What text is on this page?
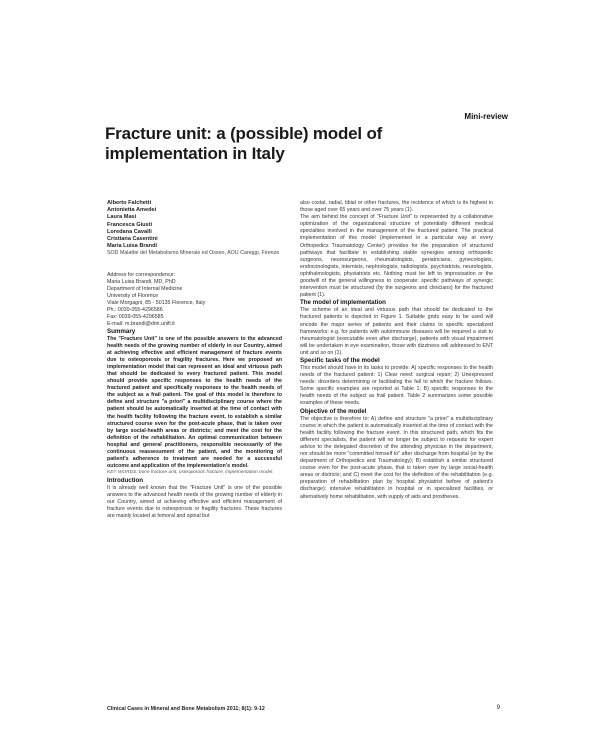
Mini-review
Fracture unit: a (possible) model of implementation in Italy
Alberto Falchetti
Antonietta Amedei
Laura Masi
Francesca Giusti
Loredana Cavalli
Cristiana Casentini
Maria Luisa Brandi

SOD Malattie del Metabolismo Minerale ed Osseo, AOU Careggi, Firenze

Address for correspondence:
Maria Luisa Brandi, MD, PhD
Department of Internal Medicine
University of Florence
Viale Morgagni, 85 - 50135 Florence, Italy
Ph.: 0039-055-4296586
Fax: 0039-055-4296585
E-mail: m.brandi@dmi.unifi.it
Summary

The "Fracture Unit" is one of the possible answers to the advanced health needs of the growing number of elderly in our Country, aimed at achieving effective and efficient management of fracture events due to osteoporosis or fragility fractures. Here we proposed an implementation model that can represent an ideal and virtuous path that should be dedicated to every fractured patient. This model should provide specific responses to the health needs of the fractured patient and specifically responses to the health needs of the subject as a frail patient. The goal of this model is therefore to define and structure "a priori" a multidisciplinary course where the patient should be automatically inserted at the time of contact with the health facility following the fracture event, to establish a similar structured course even for the post-acute phase, that is taken over by large social-health areas or districts; and meet the cost for the definition of the rehabilitation. An optimal communication between hospital and general practitioners, responsible necessarily of the continuous reassessment of the patient, and the monitoring of patient's adherence to treatment are needed for a successful outcome and application of the implementation's model.

KEY WORDS: bone fracture unit, osteoporotic fracture, implementation model.

Introduction

It is already well known that the "Fracture Unit" is one of the possible answers to the advanced health needs of the growing number of elderly in our Country, aimed at achieving effective and efficient management of fracture events due to osteoporosis or fragility fractures. These fractures are mainly located at femoral and spinal but

also costal, radial, tibial or other fractures, the incidence of which is its highest in those aged over 65 years and over 75 years (1).

The aim behind the concept of "Fracture Unit" is represented by a collaborative optimization of the organizational structure of potentially different medical specialties involved in the management of the fractured patient. The practical implementation of this model (implemented in a particular way at every Orthopedics Traumatology Center) provides for the preparation of structured pathways that facilitate in establishing stable synergies among orthopedic surgeons, neurosurgeons, rheumatologists, geriatricians, gynecologists, endocrinologists, internists, nephrologists, radiologists, psychiatrists, neurologists, ophthalmologists, physiatrists etc. Nothing must be left to improvisation or the goodwill of the general willingness to cooperate: specific pathways of synergic intervention must be structured (by the surgeons and clinicians) for the fractured patient (1).

The model of implementation

The scheme of an ideal and virtuous path that should be dedicated to the fractured patients is depicted in Figure 1. Suitable grids easy to be used will encode the major series of patients and their claims to specific specialized frameworks: e.g. for patients with autoimmune diseases will be required a visit to rheumatologist (executable even after discharge), patients with visual impairment will be undertaken in eye examination, those with dizziness will addressed to ENT unit and so on (1).

Specific tasks of the model

This model should have in its tasks to provide: A) specific responses to the health needs of the fractured patient: 1) Clear need: surgical repair; 2) Unexpressed needs: disorders determining or facilitating the fall to which the fracture follows. Some specific examples are reported at Table 1; B) specific responses to the health needs of the subject as frail patient. Table 2 summarizes some possible examples of these needs.

Objective of the model

The objective is therefore to: A) define and structure "a priori" a multidisciplinary course in which the patient is automatically inserted at the time of contact with the health facility following the fracture event. In this structured path, which fits the different specialists, the patient will no longer be subject to requests for expert advice to the delegated discretion of the attending physician in the department, nor should be more "committed himself to" after discharge from hospital (or by the department of Orthopedics and Traumatology); B) establish a similar structured course even for the post-acute phase, that is taken over by large social-health areas or districts; and C) meet the cost for the definition of the rehabilitation (e.g. preparation of rehabilitation plan by hospital physiatrist before of patient's discharge): intensive rehabilitation in hospital or in specialized facilities, or alternatively home rehabilitation, with supply of aids and prostheses.

Clinical Cases in Mineral and Bone Metabolism 2011; 8(1): 9-12	9
